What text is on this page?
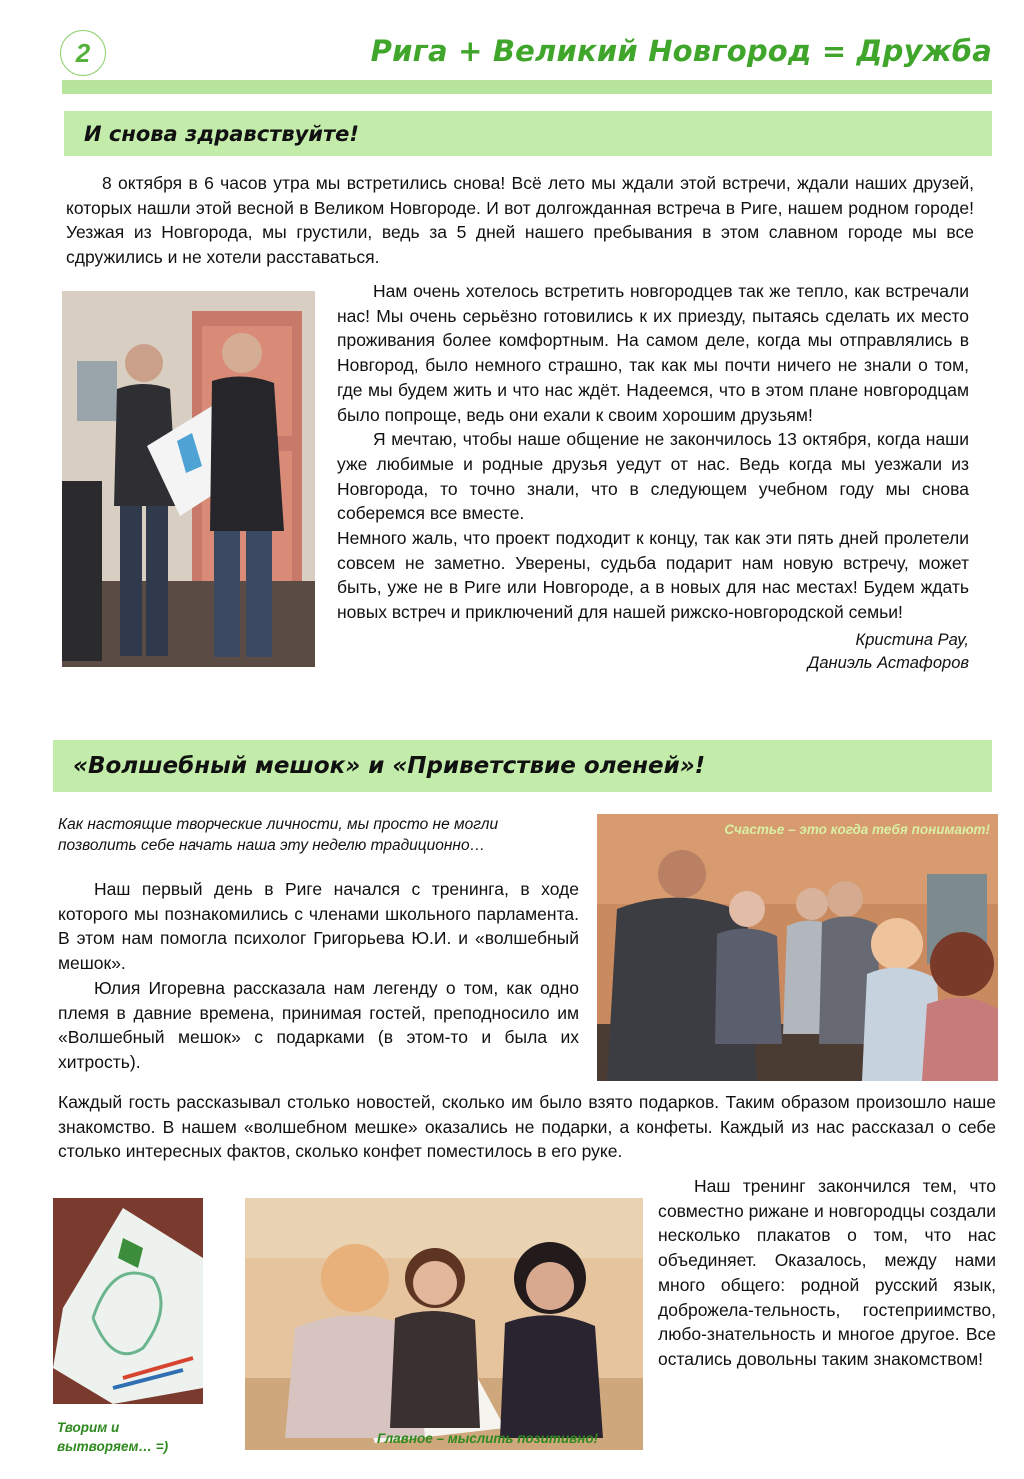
2	Рига + Великий Новгород = Дружба
И снова здравствуйте!

8 октября в 6 часов утра мы встретились снова! Всё лето мы ждали этой встречи, ждали наших друзей, которых нашли этой весной в Великом Новгороде. И вот долгожданная встреча в Риге, нашем родном городе! Уезжая из Новгорода, мы грустили, ведь за 5 дней нашего пребывания в этом славном городе мы все сдружились и не хотели расставаться.

Нам очень хотелось встретить новгородцев так же тепло, как встречали нас! Мы очень серьёзно готовились к их приезду, пытаясь сделать их место проживания более комфортным. На самом деле, когда мы отправлялись в Новгород, было немного страшно, так как мы почти ничего не знали о том, где мы будем жить и что нас ждёт. Надеемся, что в этом плане новгородцам было попроще, ведь они ехали к своим хорошим друзьям!

Я мечтаю, чтобы наше общение не закончилось 13 октября, когда наши уже любимые и родные друзья уедут от нас. Ведь когда мы уезжали из Новгорода, то точно знали, что в следующем учебном году мы снова соберемся все вместе.

Немного жаль, что проект подходит к концу, так как эти пять дней пролетели совсем не заметно. Уверены, судьба подарит нам новую встречу, может быть, уже не в Риге или Новгороде, а в новых для нас местах! Будем ждать новых встреч и приключений для нашей рижско-новгородской семьи!

Кристина Рау,

Даниэль Астафоров

«Волшебный мешок» и «Приветствие оленей»!

Как настоящие творческие личности, мы просто не могли позволить себе начать наша эту неделю традиционно…

Наш первый день в Риге начался с тренинга, в ходе которого мы познакомились с членами школьного парламента. В этом нам помогла психолог Григорьева Ю.И. и «волшебный мешок».

Юлия Игоревна рассказала нам легенду о том, как одно племя в давние времена, принимая гостей, преподносило им «Волшебный мешок» с подарками (в этом-то и была их хитрость).

Счастье – это когда тебя понимают!

Каждый гость рассказывал столько новостей, сколько им было взято подарков. Таким образом произошло наше знакомство. В нашем «волшебном мешке» оказались не подарки, а конфеты. Каждый из нас рассказал о себе столько интересных фактов, сколько конфет поместилось в его руке.

Творим и вытворяем… =)
Главное – мыслить позитивно!

Наш тренинг закончился тем, что совместно рижане и новгородцы создали несколько плакатов о том, что нас объединяет. Оказалось, между нами много общего: родной русский язык, доброжела-тельность, гостеприимство, любо-знательность и многое другое. Все остались довольны таким знакомством!
